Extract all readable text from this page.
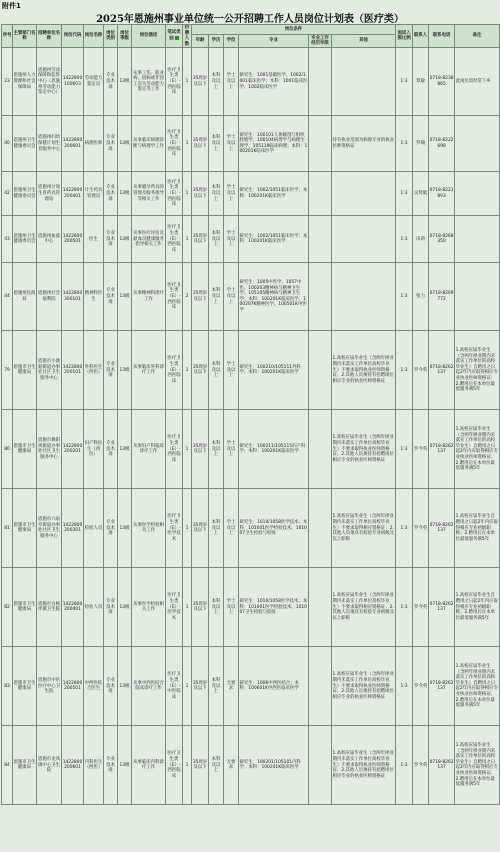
附件1
2025年恩施州事业单位统一公开招聘工作人员岗位计划表（医疗类）
序号	主管部门名称	招聘单位名称	岗位代码	岗位名称	岗位类别	岗位等级	岗位描述	笔试类别	招聘人数	岗位条件						面试入围比例	联系人	联系电话	备注
										年龄	学历	学位	专业	专业工作经历年限	其他				
23	恩施州人力资源和社会保障局	恩施州劳动保障和监察中心（恩施州劳动能力鉴定中心）	1422800100603	劳动能力鉴定员	专业技术岗	13级	从事工伤、职业病、因病或非因工丧失劳动能力鉴定等工作	医疗卫生类（E）-西医临床	1	35周岁及以下	本科及以上	学士及以上	研究生：1001基础医学、1002/1001临床医学；本科：1001临床医学、1002临床医学			1:3	覃敏	0718-8238865	此岗位需经常下乡
40	恩施州卫生健康委员会	恩施州妇幼保健计划生育服务中心	1422800200601	病理医师	专业技术岗	13级	从事临床病理诊断与病理学工作	医疗卫生类（E）-西医临床	1	35周岁及以下	本科及以上	学士及以上	研究生：100101人体解剖与组织胚胎学、100104病理学与病理生理学、105119临床病理；本科：100201K临床医学		持有执业范围为病理专业的执业医师资格证	1:3	罗翰	0718-8222698	
42	恩施州卫生健康委员会	恩施州计划生育药具管理站	1422800200401	计生药具管理员	专业技术岗	13级	从事避孕药具的管理及服务指导等相关工作	医疗卫生类（E）-西医临床	1	35周岁及以下	本科及以上	学士及以上	研究生：1002/1051临床医学；本科：100201K临床医学			1:3	吴贤破	0718-8221893	
43	恩施州卫生健康委员会	恩施州血液中心	1422800200501	医生	专业技术岗	13级	从事医疗评估及献血员健康服务指导相关工作	医疗卫生类（E）-西医临床	1	35周岁及以下	本科及以上	学士及以上	研究生：1002/1051临床医学；本科：100201K临床医学			1:3	田莉	0718-8268350	
44	恩施州民政局	恩施州社会福利院	1422800300101	精神科医生	专业技术岗	13级	从事精神科诊疗工作	医疗卫生类（E）-西医临床	2	35周岁及以下	本科及以上	学士及以上	研究生：1005中医学、1057中医、100203精神病与精神卫生学、105105精神病与精神卫生学；本科：100201K临床医学、100207K精神医学、100501K中医学			1:3	张力	0718-8269772	
79	恩施市卫生健康局	恩施市小渡船街道办事处社区卫生服务中心	1422800200101	外科医生（西医）	专业技术岗	13级	从事临床外科诊疗工作	医疗卫生类（E）-西医临床	1	35周岁及以下	本科及以上	学士及以上	研究生：100210/105111外科学；本科：100201K临床医学		1.高校应届毕业生（含两年择业期内未落实工作单位高校毕业生）不要求取得执业医师资格证；2.其他人员须持有招聘岗位相应专业的执业医师资格证	1:3	罗今英	0718-8262137	1.高校应届毕业生（含两年择业期内未落实工作单位的高校毕业生）自聘用之日起2年内应取得相应专业执业医师资格证；2.聘用后在本单位最低服务满5年
80	恩施市卫生健康局	恩施市舞阳坝街道办事处社区卫生服务中心	1422800200201	妇产科医生（西医）	专业技术岗	13级	从事妇产科临床诊疗工作	医疗卫生类（E）-西医临床	1	35周岁及以下	本科及以上	学士及以上	研究生：100211/105115妇产科学；本科：100201K临床医学		1.高校应届毕业生（含两年择业期内未落实工作单位高校毕业生）不要求取得执业医师资格证；2.其他人员须持有招聘岗位相应专业的执业医师资格证	1:3	罗今英	0718-8262137	1.高校应届毕业生（含两年择业期内未落实工作单位的高校毕业生）自聘用之日起2年内应取得相应专业执业医师资格证；2.聘用后在本单位最低服务满5年
81	恩施市卫生健康局	恩施市六角亭街道办事处社区卫生服务中心	1422800200301	检验人员	专业技术岗	13级	从事医学检验相关工作	医疗卫生类（E）-医学技术	1	35周岁及以下	本科及以上	学士及以上	研究生：1010/1058医学技术；本科：101001医学检验技术、101007卫生检验与检疫		1.高校应届毕业生（含两年择业期内未落实工作单位高校毕业生）不要求取得相应资格证；2.其他人员须具有检验专业初级及以上职称	1:3	罗今英	0718-8262137	1.高校应届毕业生自聘用之日起2年内应取得相应专业初级职称；2.聘用后在本单位最低服务满5年
82	恩施市卫生健康局	恩施市白杨坪镇卫生院	1422800200401	检验人员	专业技术岗	13级	从事医学检验相关工作	医疗卫生类（E）-医学技术	1	35周岁及以下	本科及以上	学士及以上	研究生：1010/1058医学技术；本科：101001医学检验技术、101007卫生检验与检疫		1.高校应届毕业生（含两年择业期内未落实工作单位高校毕业生）不要求取得相应资格证；2.其他人员须具有检验专业初级及以上职称	1:3	罗今英	0718-8262137	1.高校应届毕业生自聘用之日起2年内应取得相应专业初级职称；2.聘用后在本单位最低服务满5年
83	恩施市卫生健康局	恩施市中医医疗中心卫生院	1422800200501	中西医结合医生	专业技术岗	13级	从事中西医结合临床诊疗工作	医疗卫生类（E）-中医临床	1	35周岁及以下	本科及以上	无要求	研究生：1006中西医结合；本科：100601K中西医临床医学		1.高校应届毕业生（含两年择业期内未落实工作单位高校毕业生）不要求取得执业医师资格证；2.其他人员须持有招聘岗位相应专业的执业医师资格证	1:3	罗今英	0718-8262137	1.高校应届毕业生（含两年择业期内未落实工作单位的高校毕业生）自聘用之日起2年内应取得相应专业执业医师资格证；2.聘用后在本单位最低服务满5年
84	恩施市卫生健康局	恩施市龙凤镇中心卫生院	1422800200601	内科医生（西医）	专业技术岗	13级	从事临床内科诊疗工作	医疗卫生类（E）-西医临床	1	35周岁及以下	本科及以上	无要求	研究生：100201/105101内科学；本科：100201K临床医学		1.高校应届毕业生（含两年择业期内未落实工作单位高校毕业生）不要求取得执业医师资格证；2.其他人员须持有招聘岗位相应专业的执业医师资格证	1:3	罗今英	0718-8262137	1.高校应届毕业生（含两年择业期内未落实工作单位的高校毕业生）自聘用之日起2年内应取得相应专业执业医师资格证；2.聘用后在本单位最低服务满5年
